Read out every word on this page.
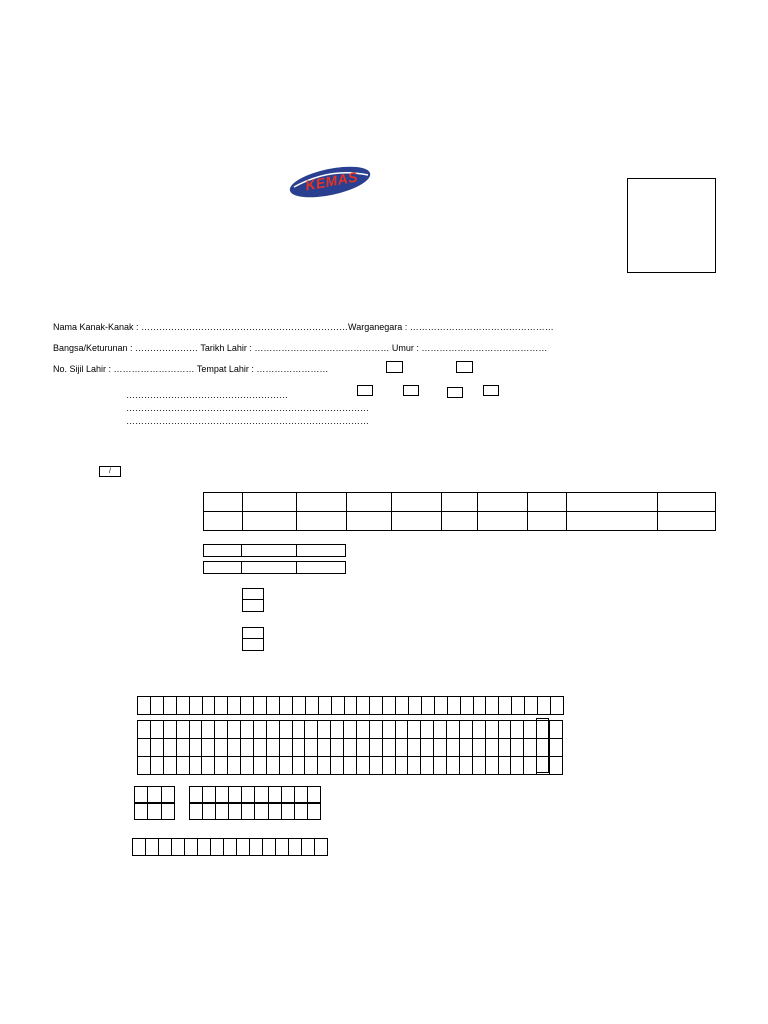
KEMAS
Nama Kanak-Kanak : ……………………………………………………………Warganegara : …………………………………………
Bangsa/Keturunan : ………………… Tarikh Lahir : ……………………………………… Umur : ……………………………………
No. Sijil Lahir : ……………………… Tempat Lahir : ……………………
………………………………………………
………………………………………………………………………
………………………………………………………………………
/
